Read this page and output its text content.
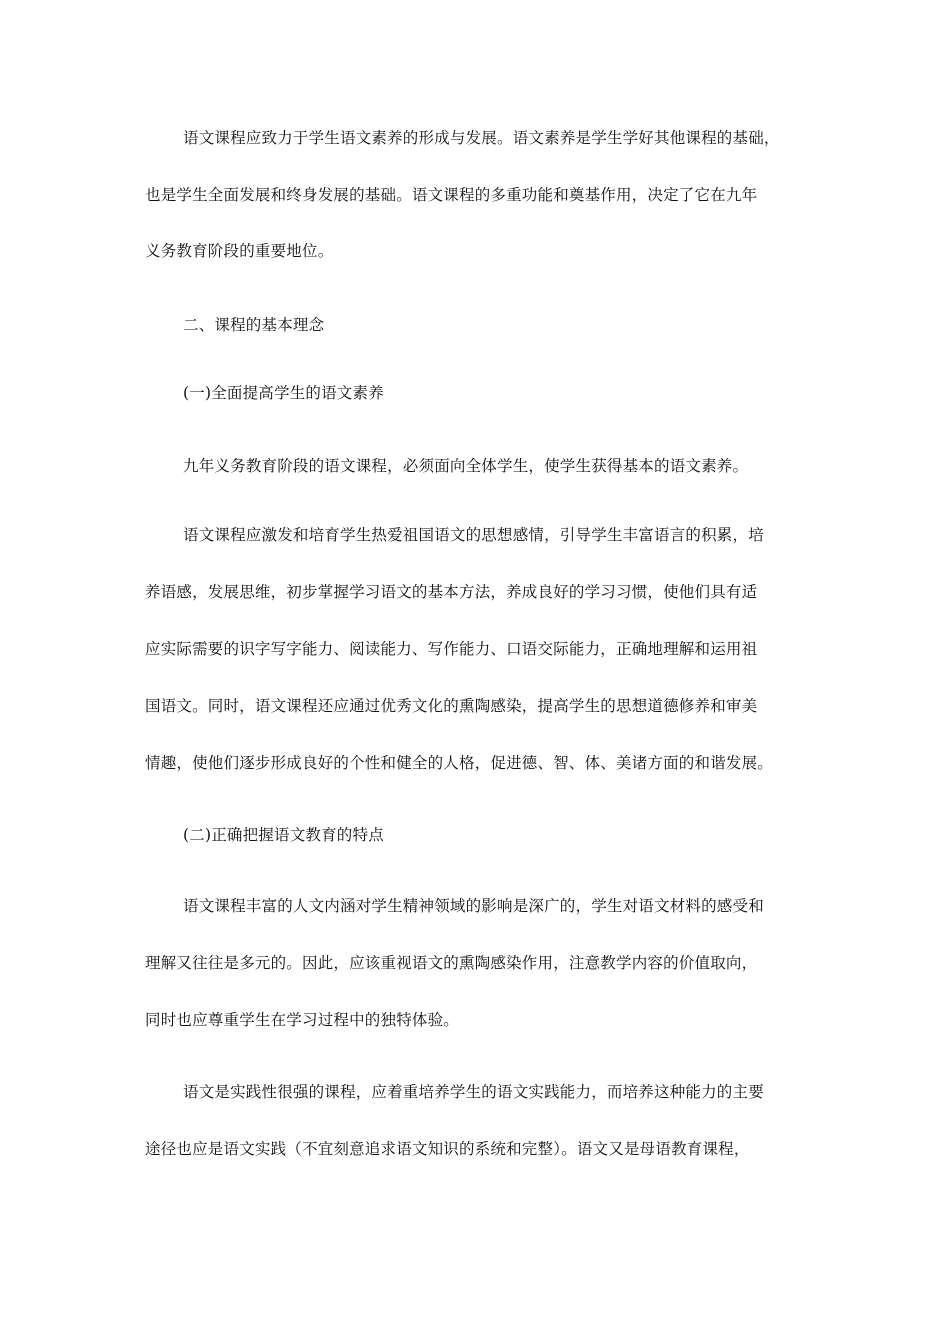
语文课程应致力于学生语文素养的形成与发展。语文素养是学生学好其他课程的基础，
也是学生全面发展和终身发展的基础。语文课程的多重功能和奠基作用，决定了它在九年
义务教育阶段的重要地位。
二、课程的基本理念
(一)全面提高学生的语文素养
九年义务教育阶段的语文课程，必须面向全体学生，使学生获得基本的语文素养。
语文课程应激发和培育学生热爱祖国语文的思想感情，引导学生丰富语言的积累，培
养语感，发展思维，初步掌握学习语文的基本方法，养成良好的学习习惯，使他们具有适
应实际需要的识字写字能力、阅读能力、写作能力、口语交际能力，正确地理解和运用祖
国语文。同时，语文课程还应通过优秀文化的熏陶感染，提高学生的思想道德修养和审美
情趣，使他们逐步形成良好的个性和健全的人格，促进德、智、体、美诸方面的和谐发展。
(二)正确把握语文教育的特点
语文课程丰富的人文内涵对学生精神领域的影响是深广的，学生对语文材料的感受和
理解又往往是多元的。因此，应该重视语文的熏陶感染作用，注意教学内容的价值取向，
同时也应尊重学生在学习过程中的独特体验。
语文是实践性很强的课程，应着重培养学生的语文实践能力，而培养这种能力的主要
途径也应是语文实践（不宜刻意追求语文知识的系统和完整）。语文又是母语教育课程，
